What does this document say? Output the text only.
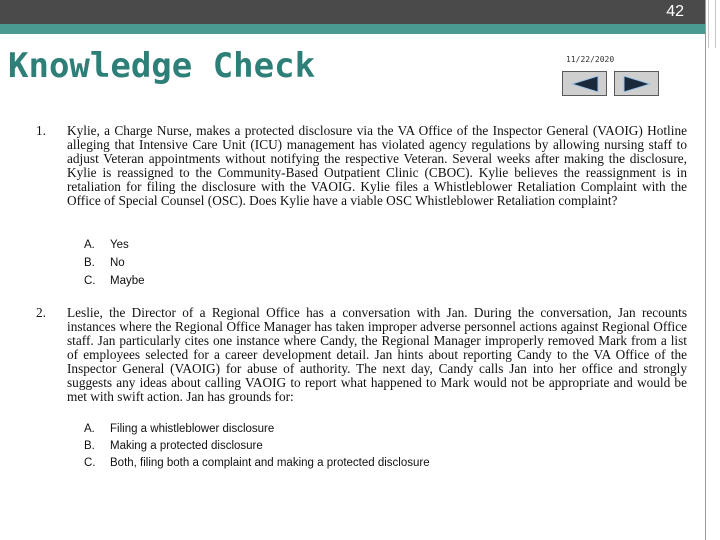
42
Knowledge Check	11/22/2020
1. Kylie, a Charge Nurse, makes a protected disclosure via the VA Office of the Inspector General (VAOIG) Hotline alleging that Intensive Care Unit (ICU) management has violated agency regulations by allowing nursing staff to adjust Veteran appointments without notifying the respective Veteran. Several weeks after making the disclosure, Kylie is reassigned to the Community-Based Outpatient Clinic (CBOC). Kylie believes the reassignment is in retaliation for filing the disclosure with the VAOIG. Kylie files a Whistleblower Retaliation Complaint with the Office of Special Counsel (OSC). Does Kylie have a viable OSC Whistleblower Retaliation complaint?
A.	Yes
B.	No
C.	Maybe
2. Leslie, the Director of a Regional Office has a conversation with Jan. During the conversation, Jan recounts instances where the Regional Office Manager has taken improper adverse personnel actions against Regional Office staff. Jan particularly cites one instance where Candy, the Regional Manager improperly removed Mark from a list of employees selected for a career development detail. Jan hints about reporting Candy to the VA Office of the Inspector General (VAOIG) for abuse of authority. The next day, Candy calls Jan into her office and strongly suggests any ideas about calling VAOIG to report what happened to Mark would not be appropriate and would be met with swift action. Jan has grounds for:
A.	Filing a whistleblower disclosure
B.	Making a protected disclosure
C.	Both, filing both a complaint and making a protected disclosure
